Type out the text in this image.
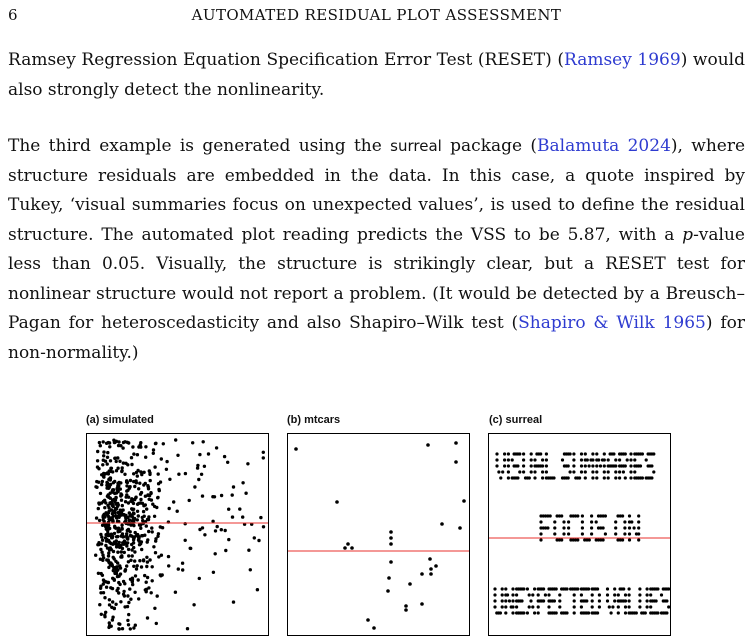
6	AUTOMATED RESIDUAL PLOT ASSESSMENT

Ramsey Regression Equation Specification Error Test (RESET) (Ramsey 1969) would also strongly detect the nonlinearity.

The third example is generated using the surreal package (Balamuta 2024), where structure residuals are embedded in the data. In this case, a quote inspired by Tukey, ‘visual summaries focus on unexpected values’, is used to define the residual structure. The automated plot reading predicts the VSS to be 5.87, with a p-value less than 0.05. Visually, the structure is strikingly clear, but a RESET test for nonlinear structure would not report a problem. (It would be detected by a Breusch–Pagan for heteroscedasticity and also Shapiro–Wilk test (Shapiro & Wilk 1965) for non-normality.)

(a) simulated	(b) mtcars	(c) surreal
